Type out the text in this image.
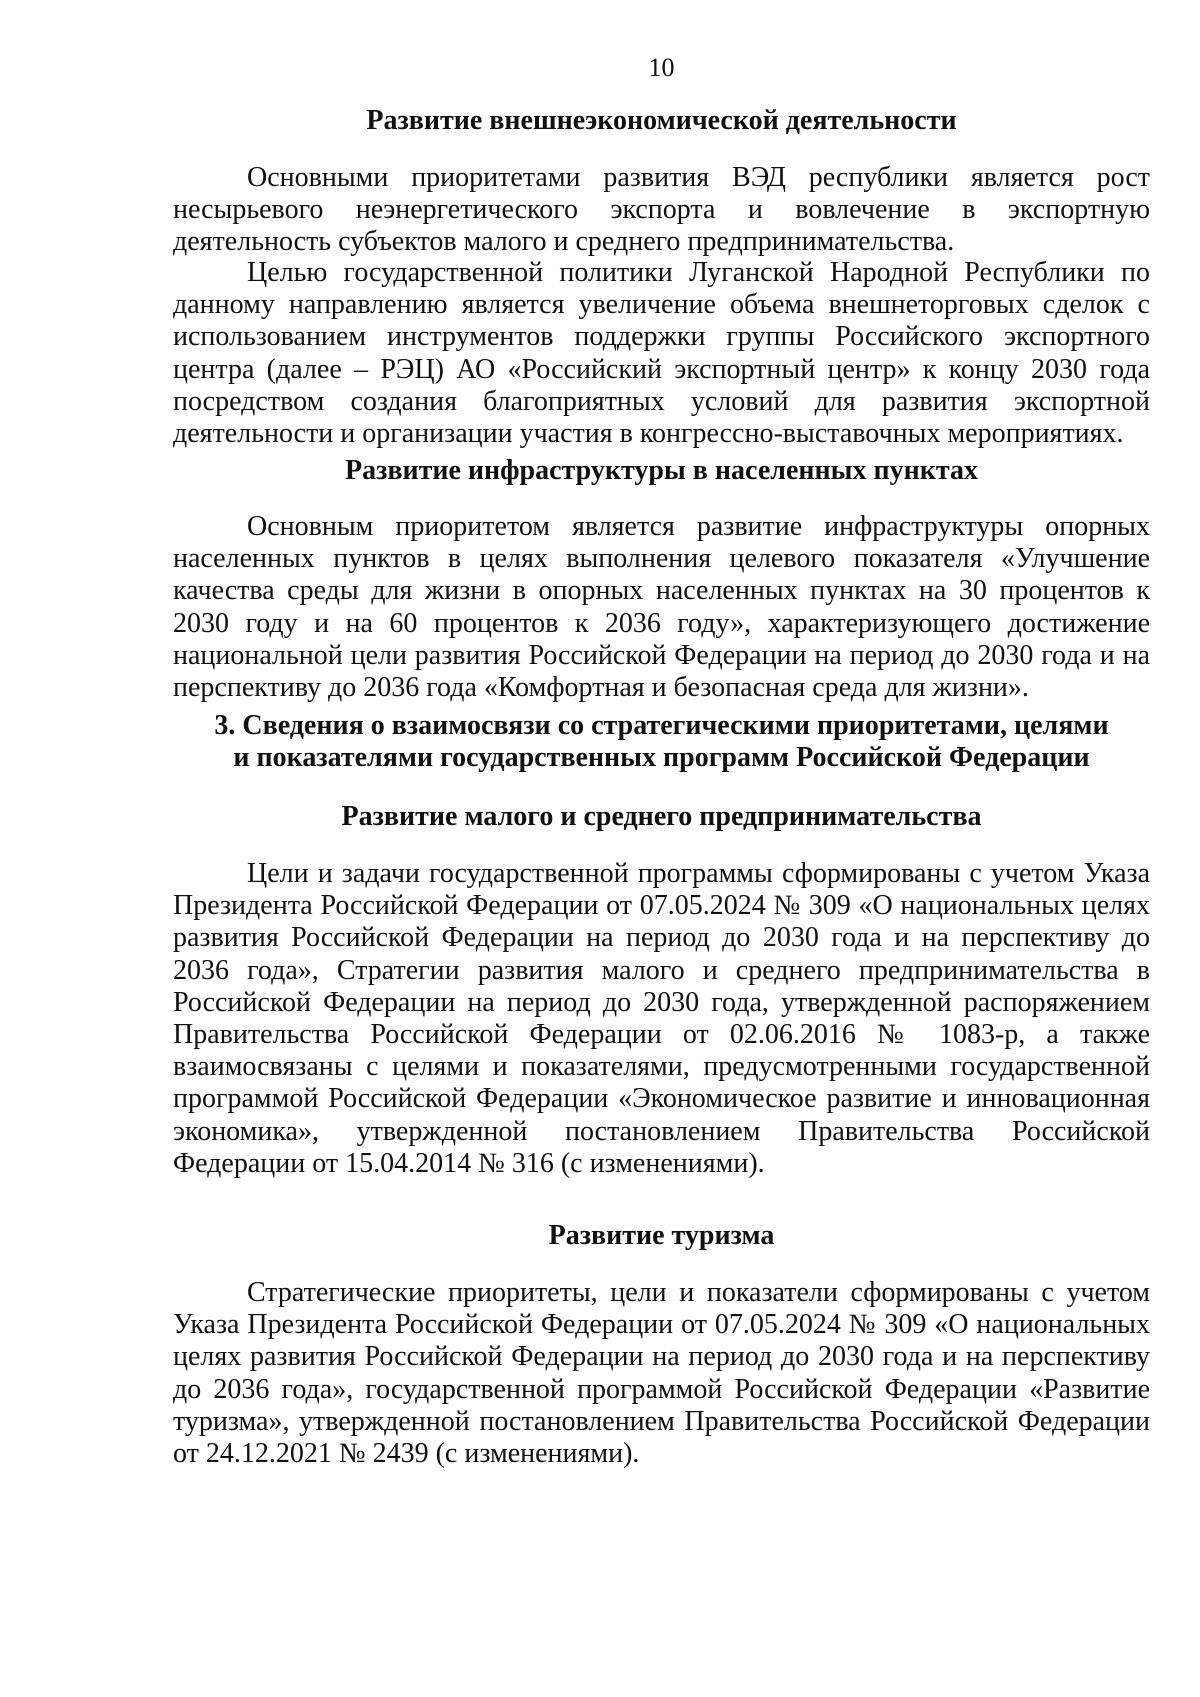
10
Развитие внешнеэкономической деятельности

Основными приоритетами развития ВЭД республики является рост несырьевого неэнергетического экспорта и вовлечение в экспортную деятельность субъектов малого и среднего предпринимательства.

Целью государственной политики Луганской Народной Республики по данному направлению является увеличение объема внешнеторговых сделок с использованием инструментов поддержки группы Российского экспортного центра (далее – РЭЦ) АО «Российский экспортный центр» к концу 2030 года посредством создания благоприятных условий для развития экспортной деятельности и организации участия в конгрессно-выставочных мероприятиях.

Развитие инфраструктуры в населенных пунктах

Основным приоритетом является развитие инфраструктуры опорных населенных пунктов в целях выполнения целевого показателя «Улучшение качества среды для жизни в опорных населенных пунктах на 30 процентов к 2030 году и на 60 процентов к 2036 году», характеризующего достижение национальной цели развития Российской Федерации на период до 2030 года и на перспективу до 2036 года «Комфортная и безопасная среда для жизни».

3. Сведения о взаимосвязи со стратегическими приоритетами, целями
и показателями государственных программ Российской Федерации
Развитие малого и среднего предпринимательства

Цели и задачи государственной программы сформированы с учетом Указа Президента Российской Федерации от 07.05.2024 № 309 «О национальных целях развития Российской Федерации на период до 2030 года и на перспективу до 2036 года», Стратегии развития малого и среднего предпринимательства в Российской Федерации на период до 2030 года, утвержденной распоряжением Правительства Российской Федерации от 02.06.2016 № 1083-р, а также взаимосвязаны с целями и показателями, предусмотренными государственной программой Российской Федерации «Экономическое развитие и инновационная экономика», утвержденной постановлением Правительства Российской Федерации от 15.04.2014 № 316 (с изменениями).

Развитие туризма

Стратегические приоритеты, цели и показатели сформированы с учетом Указа Президента Российской Федерации от 07.05.2024 № 309 «О национальных целях развития Российской Федерации на период до 2030 года и на перспективу до 2036 года», государственной программой Российской Федерации «Развитие туризма», утвержденной постановлением Правительства Российской Федерации от 24.12.2021 № 2439 (с изменениями).
